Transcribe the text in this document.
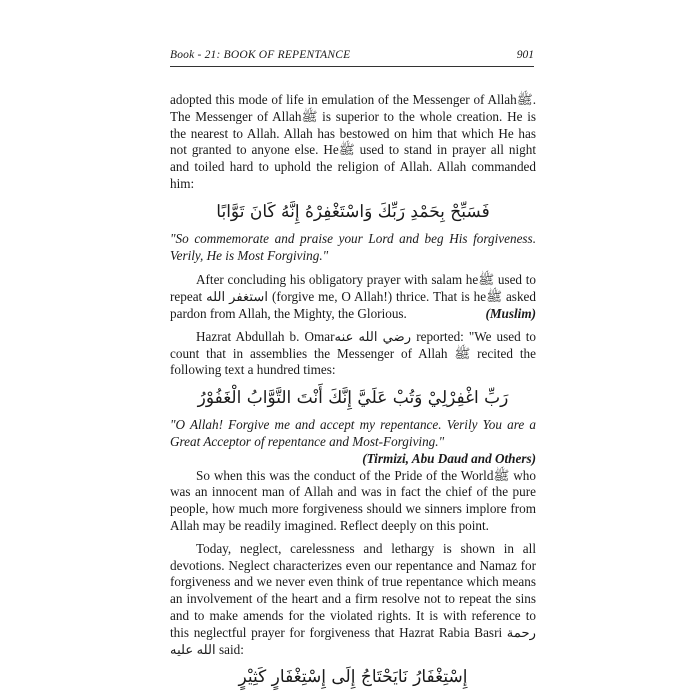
Book - 21: BOOK OF REPENTANCE	901

adopted this mode of life in emulation of the Messenger of Allahﷺ. The Messenger of Allahﷺ is superior to the whole creation. He is the nearest to Allah. Allah has bestowed on him that which He has not granted to anyone else. Heﷺ used to stand in prayer all night and toiled hard to uphold the religion of Allah. Allah commanded him:

فَسَبِّحْ بِحَمْدِ رَبِّكَ وَاسْتَغْفِرْهُ إِنَّهُ كَانَ تَوَّابًا

"So commemorate and praise your Lord and beg His forgiveness. Verily, He is Most Forgiving."

After concluding his obligatory prayer with salam heﷺ used to repeat استغفر الله (forgive me, O Allah!) thrice. That is heﷺ asked pardon from Allah, the Mighty, the Glorious.	(Muslim)

Hazrat Abdullah b. Omarرضي الله عنه reported: "We used to count that in assemblies the Messenger of Allah ﷺ recited the following text a hundred times:

رَبِّ اغْفِرْلِيْ وَتُبْ عَلَيَّ إِنَّكَ أَنْتَ التَّوَّابُ الْغَفُوْرُ

"O Allah! Forgive me and accept my repentance. Verily You are a Great Acceptor of repentance and Most-Forgiving."
(Tirmizi, Abu Daud and Others)

So when this was the conduct of the Pride of the Worldﷺ who was an innocent man of Allah and was in fact the chief of the pure people, how much more forgiveness should we sinners implore from Allah may be readily imagined. Reflect deeply on this point.

Today, neglect, carelessness and lethargy is shown in all devotions. Neglect characterizes even our repentance and Namaz for forgiveness and we never even think of true repentance which means an involvement of the heart and a firm resolve not to repeat the sins and to make amends for the violated rights. It is with reference to this neglectful prayer for forgiveness that Hazrat Rabia Basri رحمة الله عليه said:

إِسْتِغْفَارُ نَايَحْتَاجُ إِلَى إِسْتِغْفَارٍ كَثِيْرٍ
